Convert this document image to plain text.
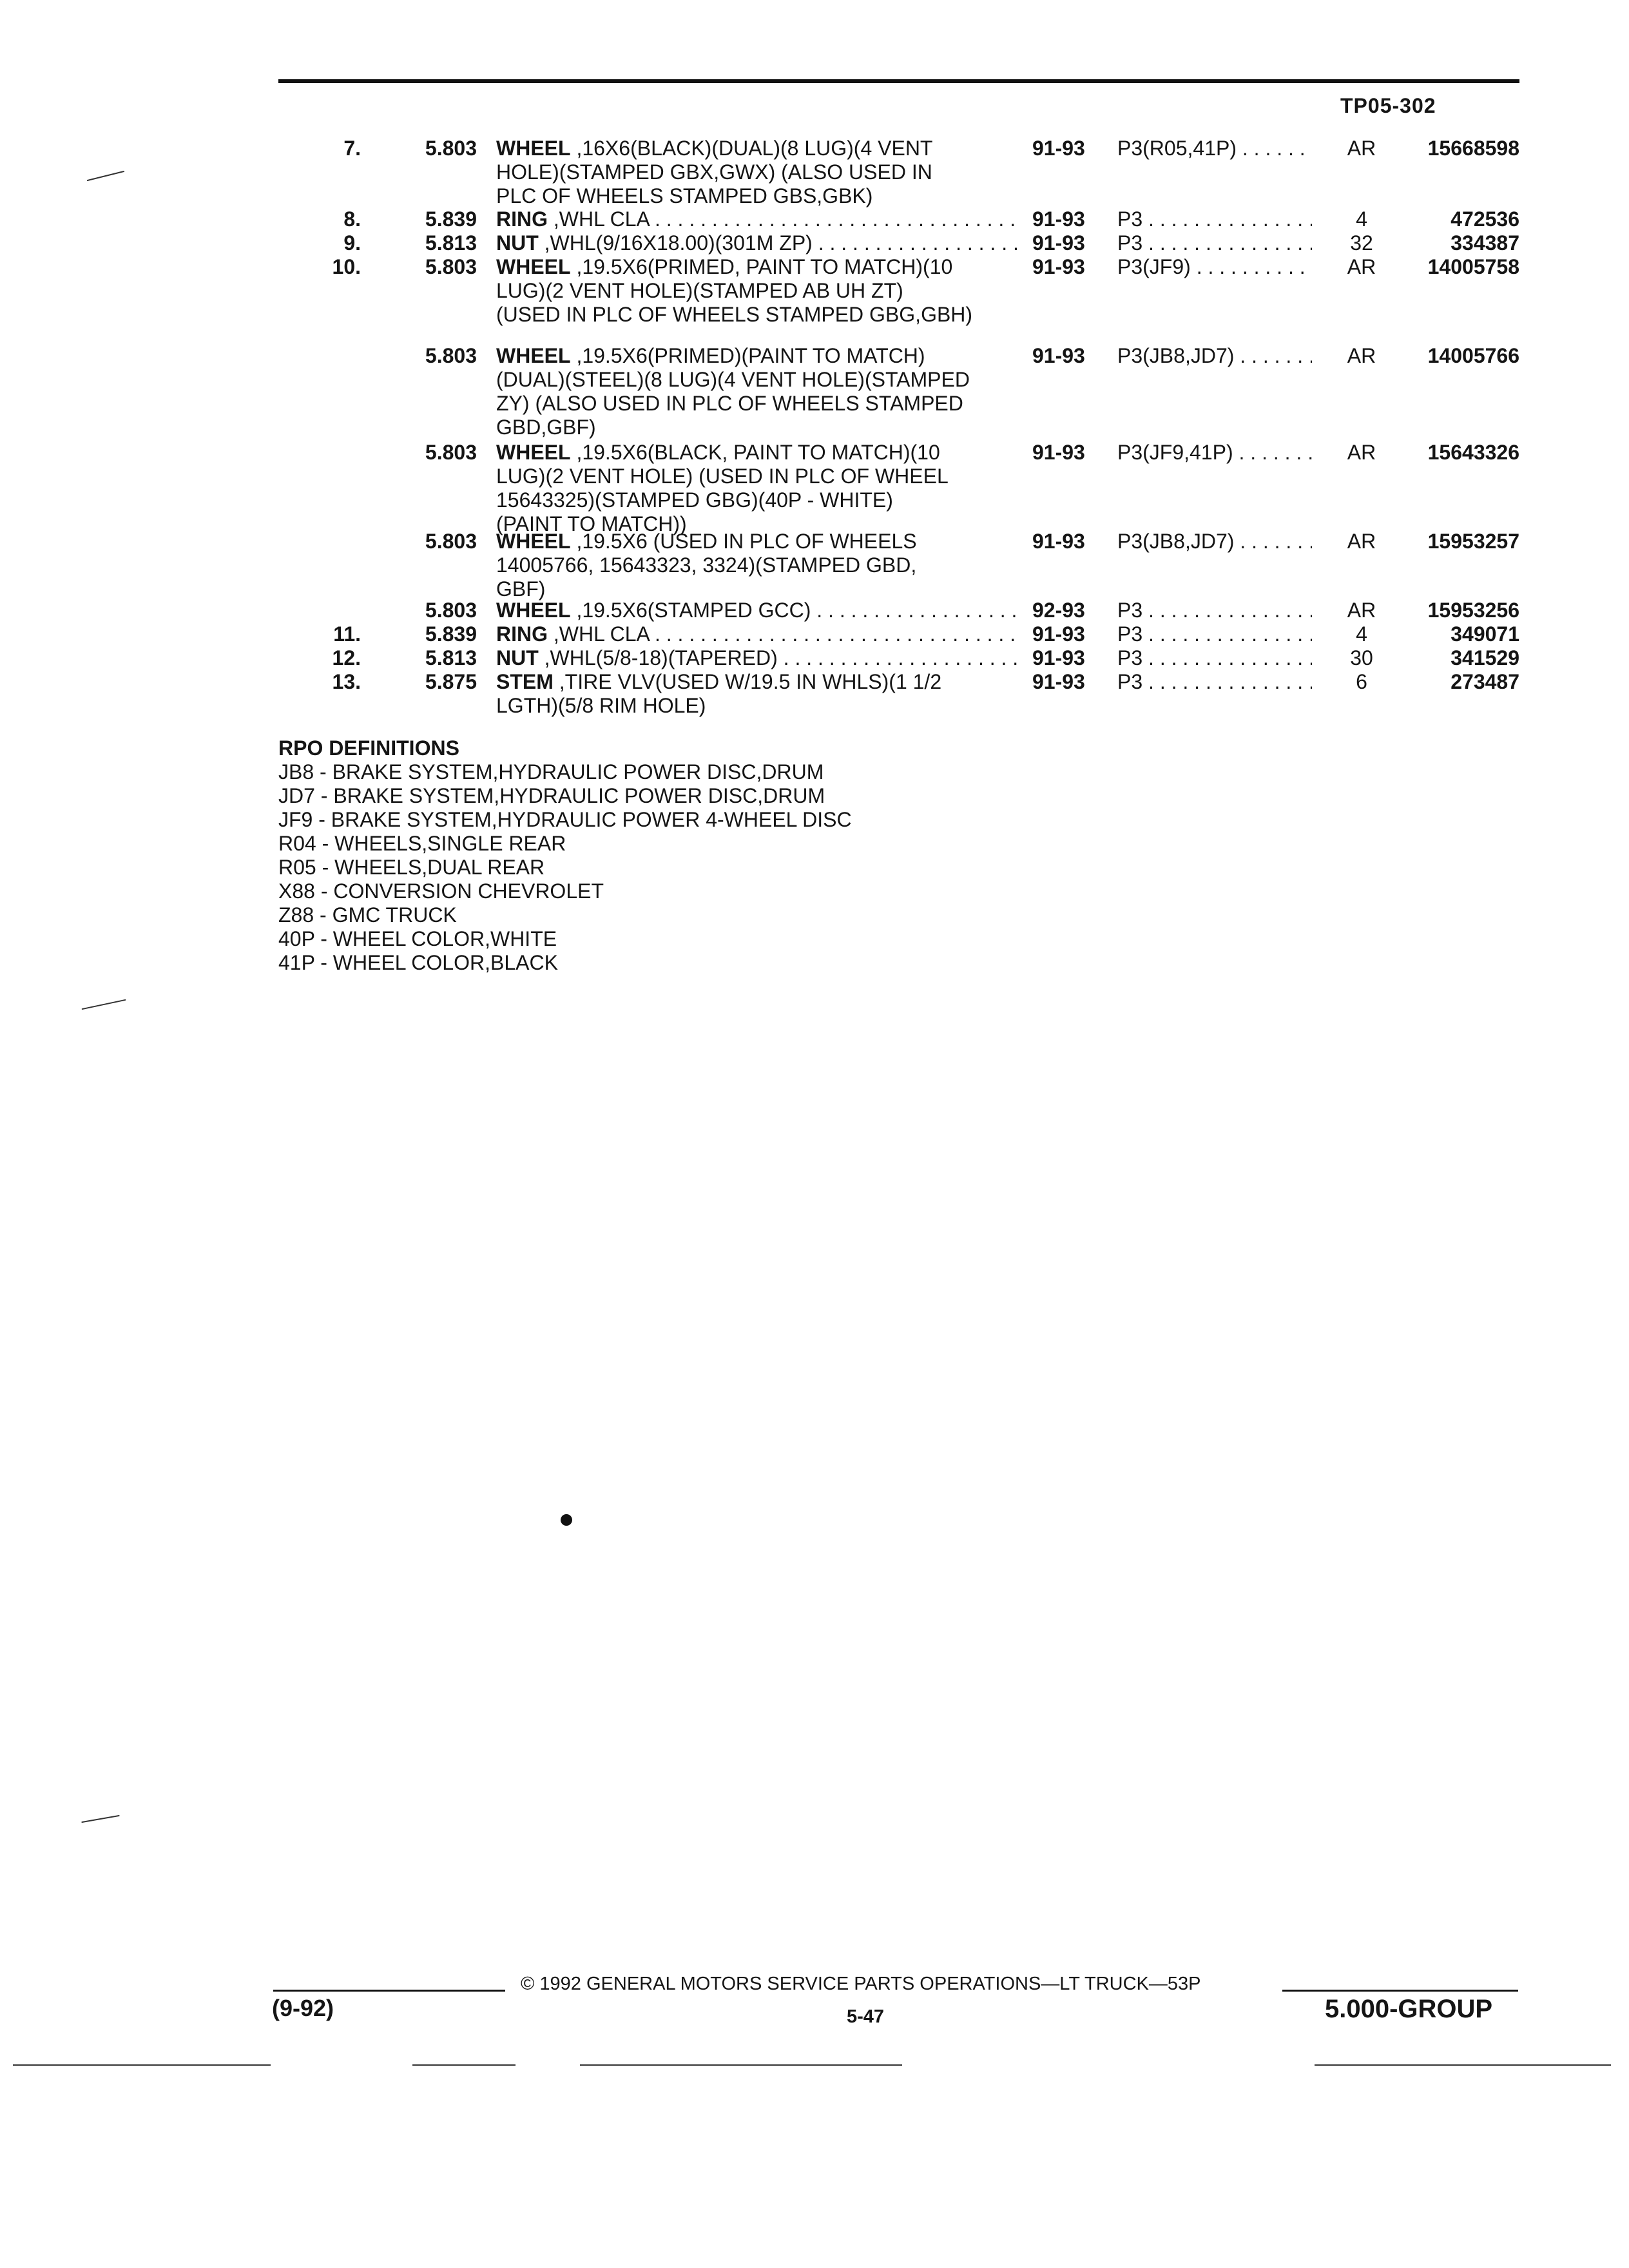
TP05-302
7.	5.803 WHEEL ,16X6(BLACK)(DUAL)(8 LUG)(4 VENT
HOLE)(STAMPED GBX,GWX) (ALSO USED IN
PLC OF WHEELS STAMPED GBS,GBK)
91-93	P3(R05,41P) . . .	AR	15668598
8.	5.839 RING ,WHL CLA . . .	91-93	P3 . . .	4	472536
9.	5.813 NUT ,WHL(9/16X18.00)(301M ZP) . . .	91-93	P3 . . .	32	334387
10.	5.803 WHEEL ,19.5X6(PRIMED, PAINT TO MATCH)(10
LUG)(2 VENT HOLE)(STAMPED AB UH ZT)
(USED IN PLC OF WHEELS STAMPED GBG,GBH)
91-93	P3(JF9) . . .	AR	14005758
5.803 WHEEL ,19.5X6(PRIMED)(PAINT TO MATCH)
(DUAL)(STEEL)(8 LUG)(4 VENT HOLE)(STAMPED
ZY) (ALSO USED IN PLC OF WHEELS STAMPED
GBD,GBF)
91-93	P3(JB8,JD7) . . .	AR	14005766
5.803 WHEEL ,19.5X6(BLACK, PAINT TO MATCH)(10
LUG)(2 VENT HOLE) (USED IN PLC OF WHEEL
15643325)(STAMPED GBG)(40P - WHITE)
(PAINT TO MATCH))
91-93	P3(JF9,41P) . . .	AR	15643326
5.803 WHEEL ,19.5X6 (USED IN PLC OF WHEELS
14005766, 15643323, 3324)(STAMPED GBD,
GBF)
91-93	P3(JB8,JD7) . . .	AR	15953257
5.803 WHEEL ,19.5X6(STAMPED GCC) . . .	92-93	P3 . . .	AR	15953256
11.	5.839 RING ,WHL CLA . . .	91-93	P3 . . .	4	349071
12.	5.813 NUT ,WHL(5/8-18)(TAPERED) . . .	91-93	P3 . . .	30	341529
13.	5.875 STEM ,TIRE VLV(USED W/19.5 IN WHLS)(1 1/2
LGTH)(5/8 RIM HOLE)
91-93	P3 . . .	6	273487
RPO DEFINITIONS
JB8 - BRAKE SYSTEM,HYDRAULIC POWER DISC,DRUM
JD7 - BRAKE SYSTEM,HYDRAULIC POWER DISC,DRUM
JF9 - BRAKE SYSTEM,HYDRAULIC POWER 4-WHEEL DISC
R04 - WHEELS,SINGLE REAR
R05 - WHEELS,DUAL REAR
X88 - CONVERSION CHEVROLET
Z88 - GMC TRUCK
40P - WHEEL COLOR,WHITE
41P - WHEEL COLOR,BLACK
© 1992 GENERAL MOTORS SERVICE PARTS OPERATIONS—LT TRUCK—53P
(9-92)	5-47	5.000-GROUP
